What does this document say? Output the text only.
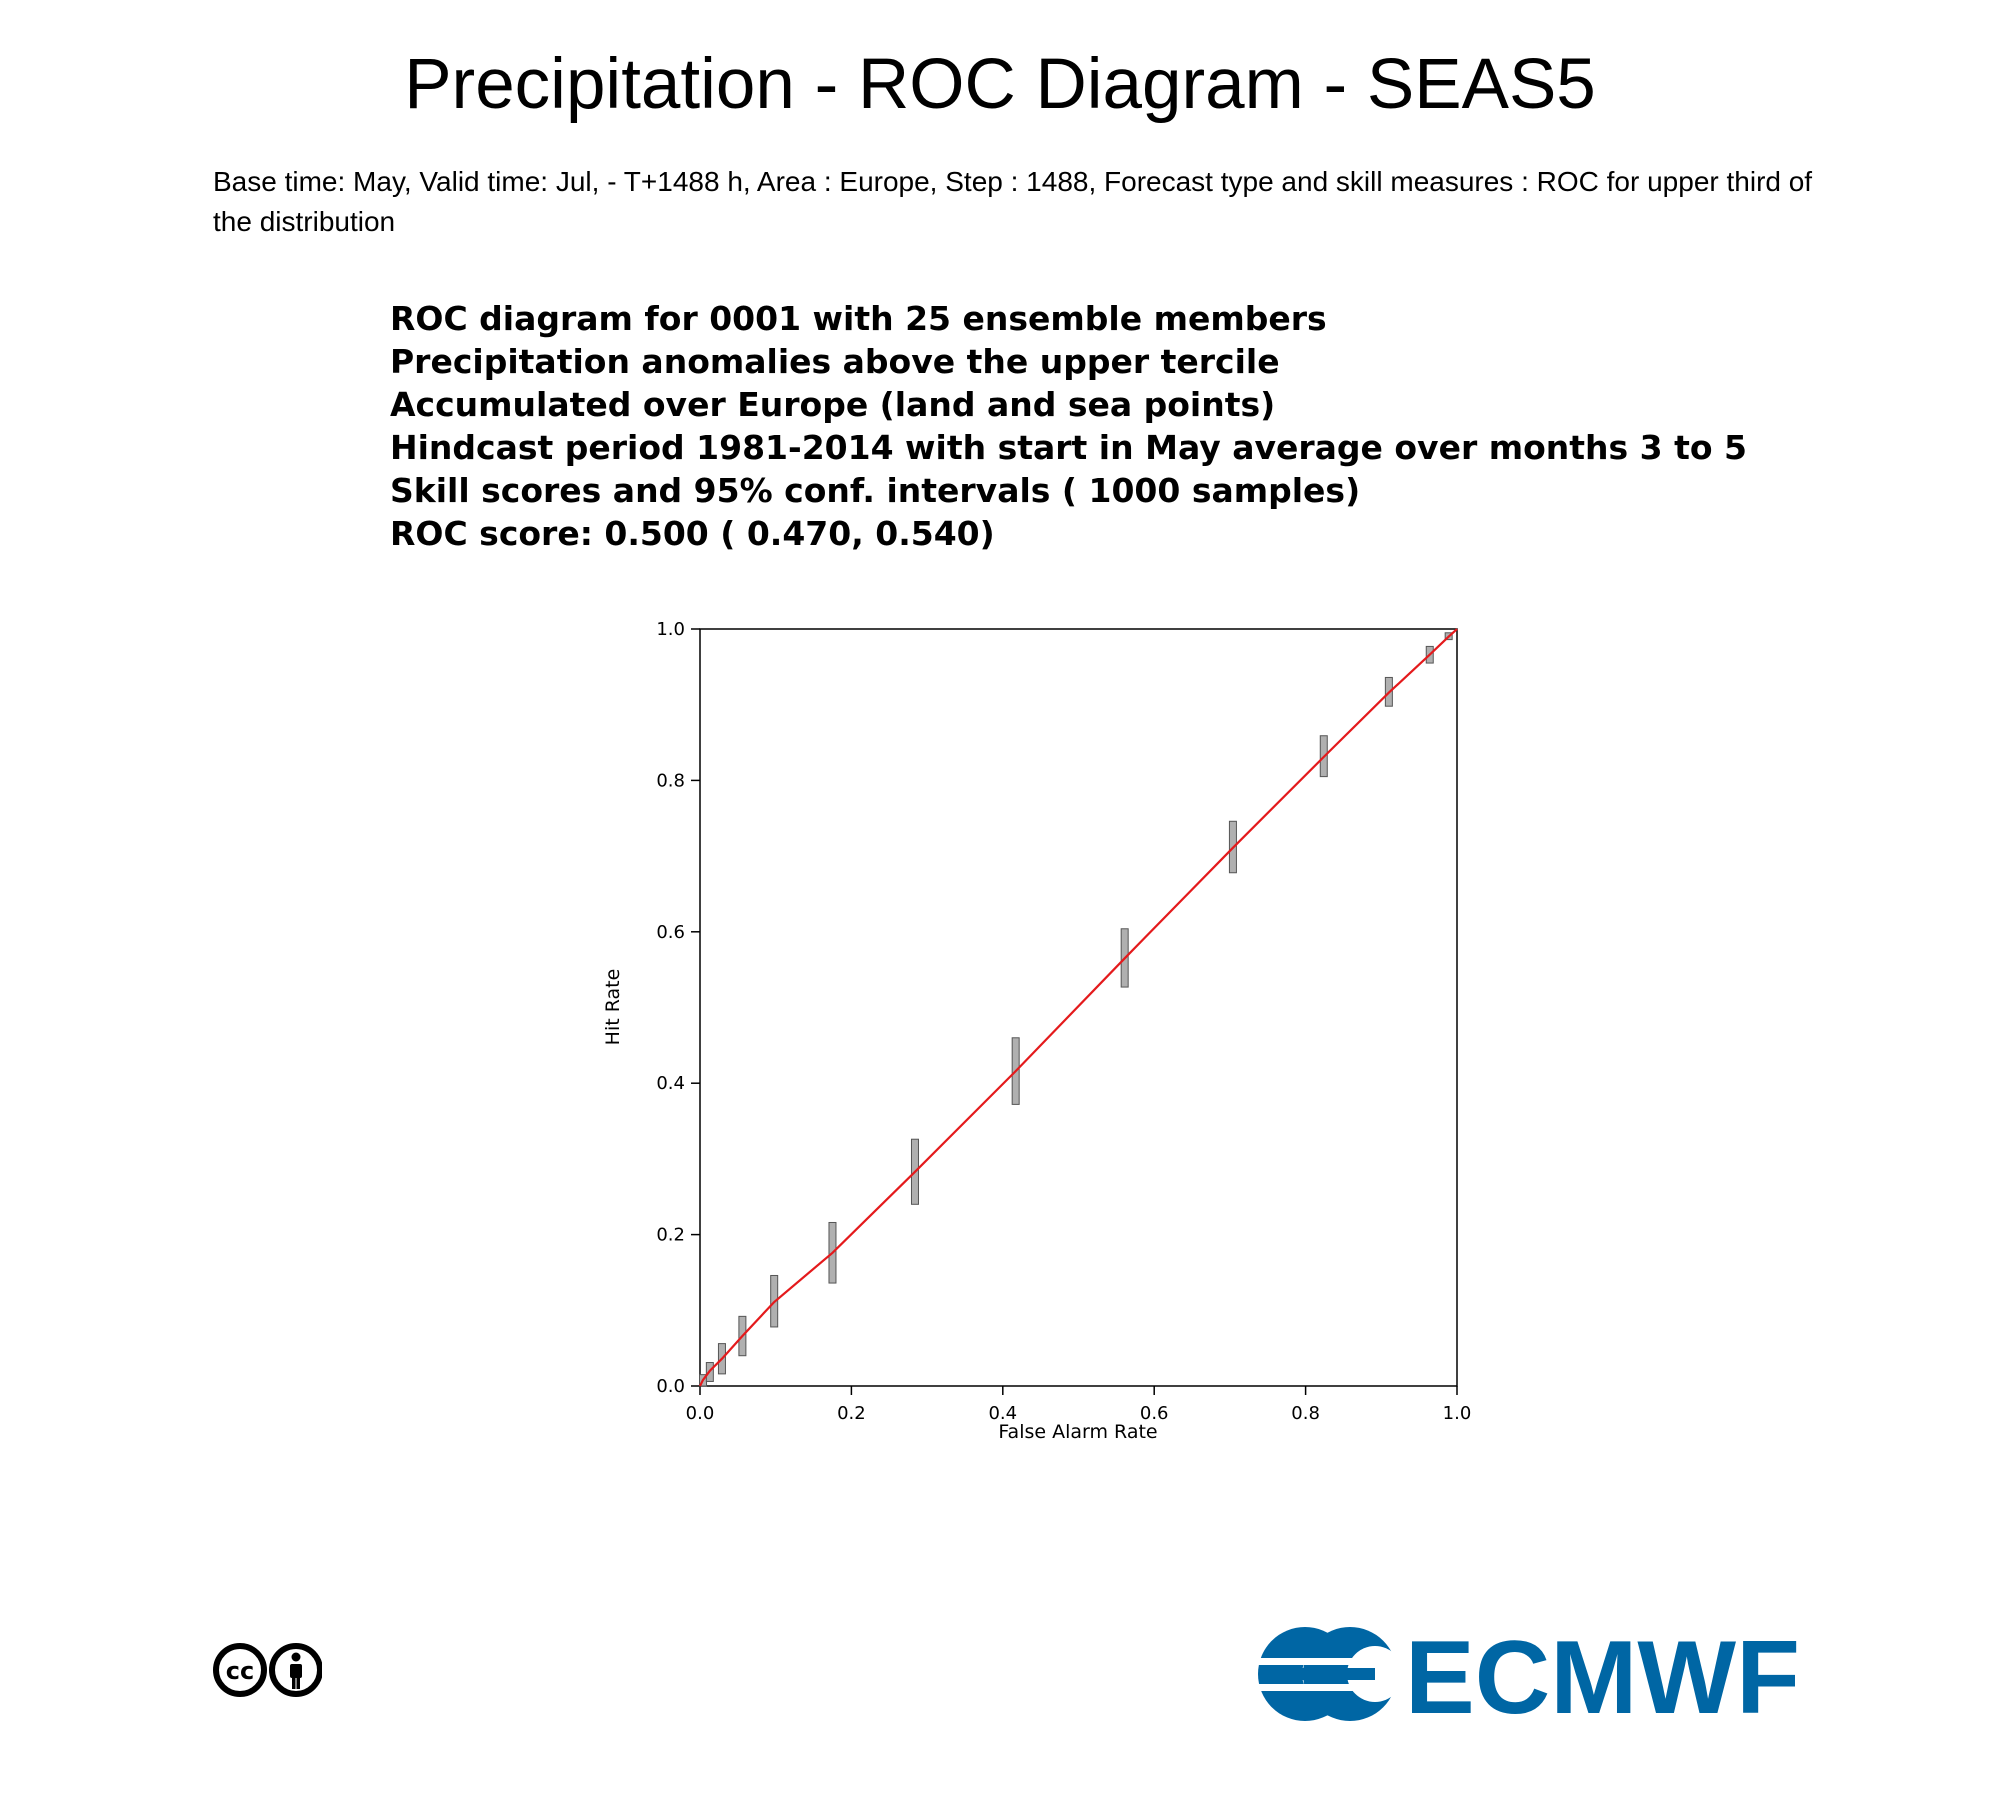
Precipitation - ROC Diagram - SEAS5
Base time: May, Valid time: Jul, - T+1488 h, Area : Europe, Step : 1488, Forecast type and skill measures : ROC for upper third of the distribution
ROC diagram for 0001 with 25 ensemble members
Precipitation anomalies above the upper tercile
Accumulated over Europe (land and sea points)
Hindcast period 1981-2014 with start in May average over months 3 to 5
Skill scores and 95% conf. intervals ( 1000 samples)
ROC score: 0.500 ( 0.470, 0.540)
0.0	0.2	0.4	0.6	0.8	1.0
0.0
0.2
0.4
0.6
0.8
1.0
False Alarm Rate
Hit Rate
cc	ECMWF
